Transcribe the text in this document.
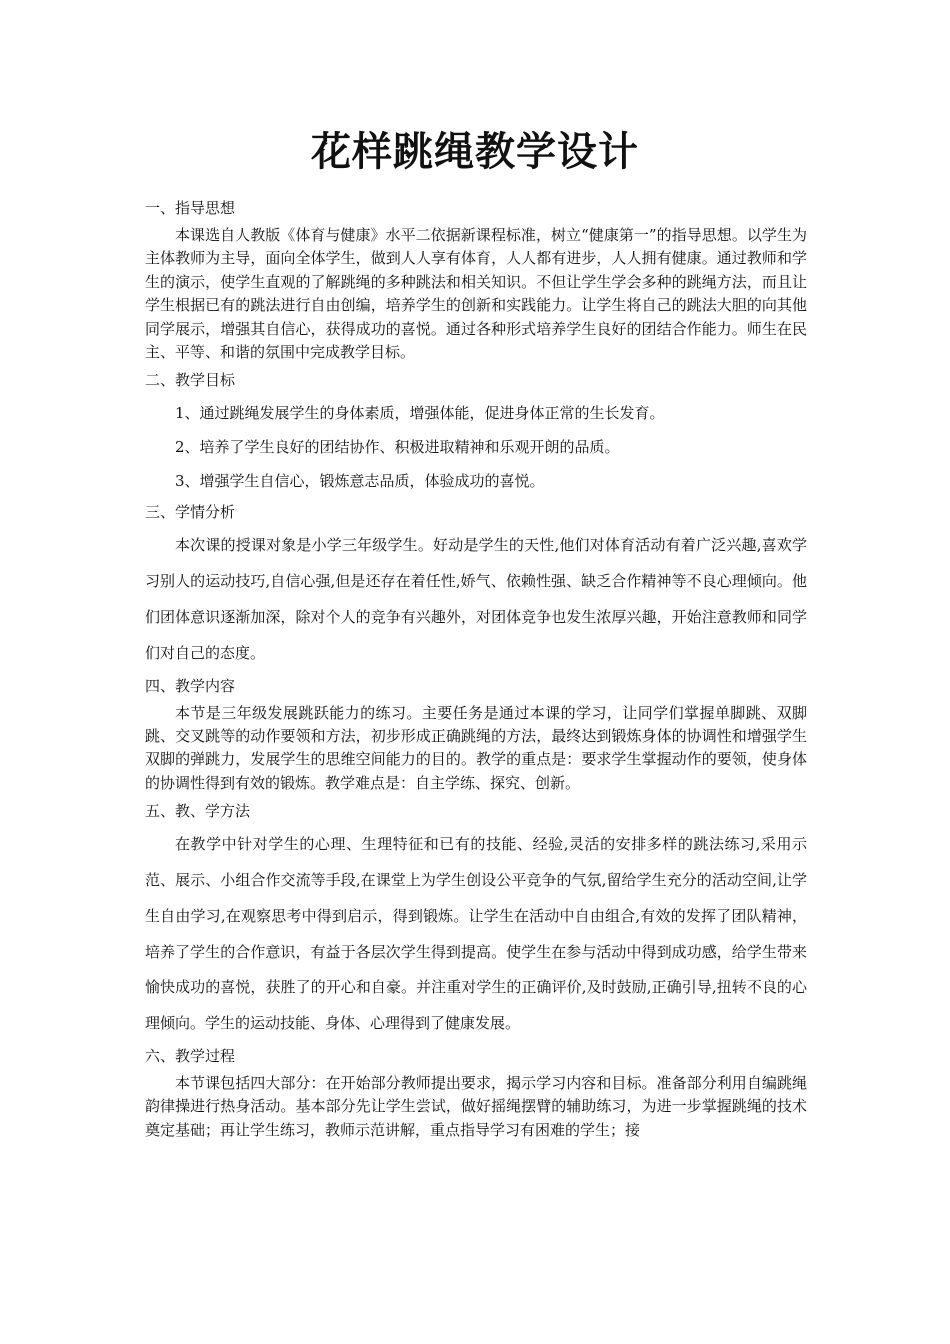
花样跳绳教学设计
一、指导思想

本课选自人教版《体育与健康》水平二依据新课程标准，树立“健康第一”的指导思想。以学生为主体教师为主导，面向全体学生，做到人人享有体育，人人都有进步，人人拥有健康。通过教师和学生的演示，使学生直观的了解跳绳的多种跳法和相关知识。不但让学生学会多种的跳绳方法，而且让学生根据已有的跳法进行自由创编，培养学生的创新和实践能力。让学生将自己的跳法大胆的向其他同学展示，增强其自信心，获得成功的喜悦。通过各种形式培养学生良好的团结合作能力。师生在民主、平等、和谐的氛围中完成教学目标。

二、教学目标

1、通过跳绳发展学生的身体素质，增强体能，促进身体正常的生长发育。

2、培养了学生良好的团结协作、积极进取精神和乐观开朗的品质。

3、增强学生自信心，锻炼意志品质，体验成功的喜悦。

三、学情分析

本次课的授课对象是小学三年级学生。好动是学生的天性,他们对体育活动有着广泛兴趣,喜欢学习别人的运动技巧,自信心强,但是还存在着任性,娇气、依赖性强、缺乏合作精神等不良心理倾向。他们团体意识逐渐加深，除对个人的竞争有兴趣外，对团体竞争也发生浓厚兴趣，开始注意教师和同学们对自己的态度。

四、教学内容

本节是三年级发展跳跃能力的练习。主要任务是通过本课的学习，让同学们掌握单脚跳、双脚跳、交叉跳等的动作要领和方法，初步形成正确跳绳的方法，最终达到锻炼身体的协调性和增强学生双脚的弹跳力，发展学生的思维空间能力的目的。教学的重点是：要求学生掌握动作的要领，使身体的协调性得到有效的锻炼。教学难点是：自主学练、探究、创新。

五、教、学方法

在教学中针对学生的心理、生理特征和已有的技能、经验,灵活的安排多样的跳法练习,采用示范、展示、小组合作交流等手段,在课堂上为学生创设公平竞争的气氛,留给学生充分的活动空间,让学生自由学习,在观察思考中得到启示，得到锻炼。让学生在活动中自由组合,有效的发挥了团队精神，培养了学生的合作意识，有益于各层次学生得到提高。使学生在参与活动中得到成功感，给学生带来愉快成功的喜悦，获胜了的开心和自豪。并注重对学生的正确评价,及时鼓励,正确引导,扭转不良的心理倾向。学生的运动技能、身体、心理得到了健康发展。

六、教学过程

本节课包括四大部分：在开始部分教师提出要求，揭示学习内容和目标。准备部分利用自编跳绳韵律操进行热身活动。基本部分先让学生尝试，做好摇绳摆臂的辅助练习，为进一步掌握跳绳的技术奠定基础；再让学生练习，教师示范讲解，重点指导学习有困难的学生；接
